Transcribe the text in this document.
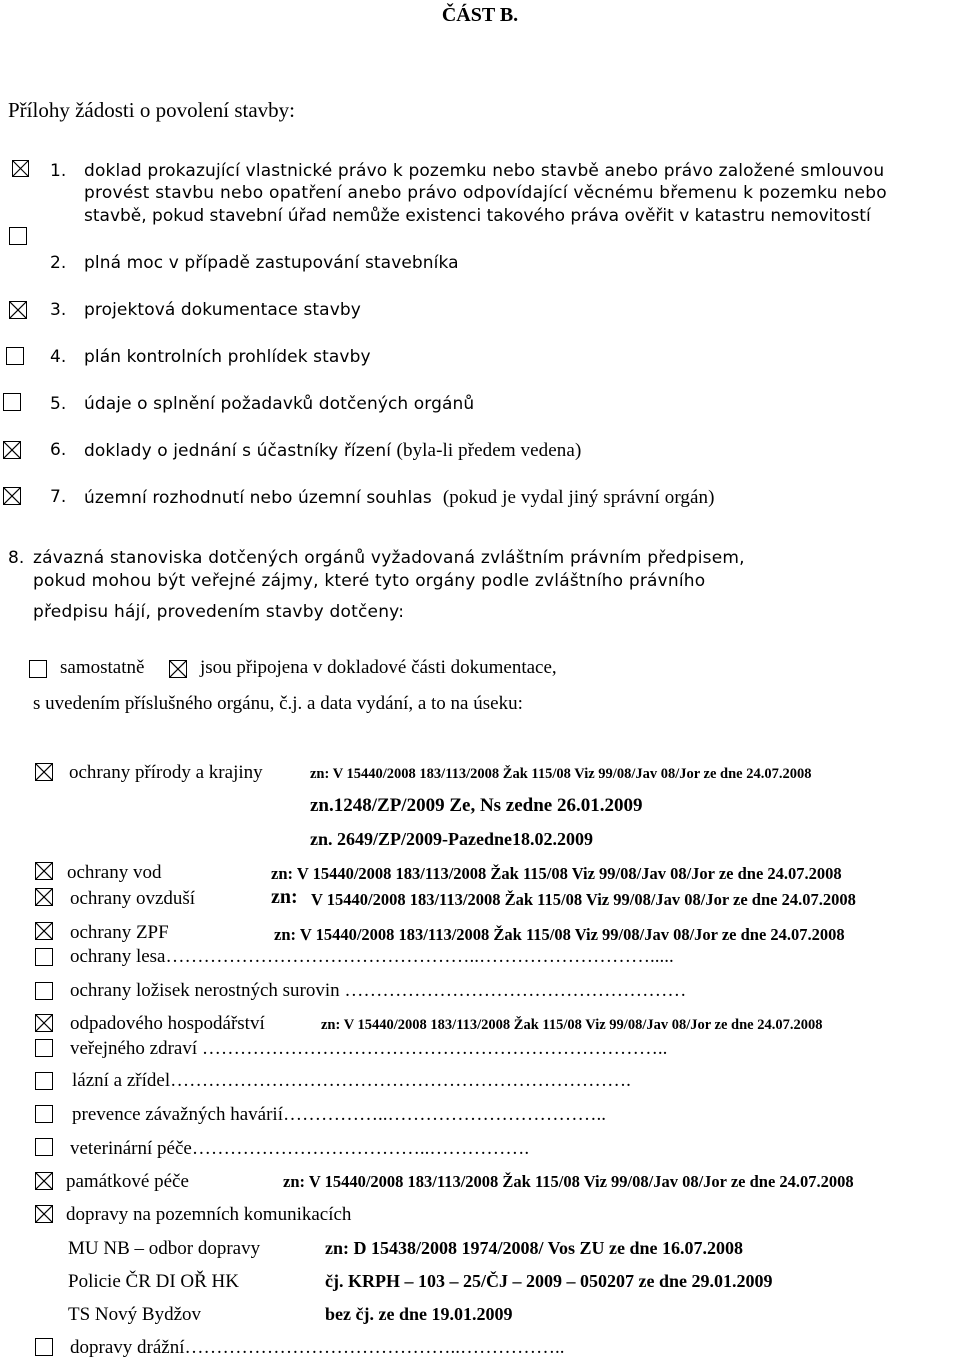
ČÁST B.
Přílohy žádosti o povolení stavby:
1. doklad prokazující vlastnické právo k pozemku nebo stavbě anebo právo založené smlouvou
provést stavbu nebo opatření anebo právo odpovídající věcnému břemenu k pozemku nebo
stavbě, pokud stavební úřad nemůže existenci takového práva ověřit v katastru nemovitostí
2. plná moc v případě zastupování stavebníka
3. projektová dokumentace stavby
4. plán kontrolních prohlídek stavby
5. údaje o splnění požadavků dotčených orgánů
6. doklady o jednání s účastníky řízení (byla-li předem vedena)
7. územní rozhodnutí nebo územní souhlas (pokud je vydal jiný správní orgán)
8. závazná stanoviska dotčených orgánů vyžadovaná zvláštním právním předpisem,
pokud mohou být veřejné zájmy, které tyto orgány podle zvláštního právního
předpisu hájí, provedením stavby dotčeny:
samostatně	jsou připojena v dokladové části dokumentace,
s uvedením příslušného orgánu, č.j. a data vydání, a to na úseku:
ochrany přírody a krajiny	zn: V 15440/2008 183/113/2008 Žak 115/08 Viz 99/08/Jav 08/Jor ze dne 24.07.2008
zn.1248/ZP/2009 Ze, Ns zedne 26.01.2009
zn. 2649/ZP/2009-Pazedne18.02.2009
ochrany vod	zn: V 15440/2008 183/113/2008 Žak 115/08 Viz 99/08/Jav 08/Jor ze dne 24.07.2008
ochrany ovzduší	zn: V 15440/2008 183/113/2008 Žak 115/08 Viz 99/08/Jav 08/Jor ze dne 24.07.2008
ochrany ZPF	zn: V 15440/2008 183/113/2008 Žak 115/08 Viz 99/08/Jav 08/Jor ze dne 24.07.2008
ochrany lesa…………………………………………..……………………….....
ochrany ložisek nerostných surovin ………………………………………………
odpadového hospodářství	zn: V 15440/2008 183/113/2008 Žak 115/08 Viz 99/08/Jav 08/Jor ze dne 24.07.2008
veřejného zdraví ………………………………………………………………..
lázní a zřídel……………………………………………………………….
prevence závažných havárií……………..……………………………..
veterinární péče………………………………..…………….
památkové péče	zn: V 15440/2008 183/113/2008 Žak 115/08 Viz 99/08/Jav 08/Jor ze dne 24.07.2008
dopravy na pozemních komunikacích
MU NB – odbor dopravy	zn: D 15438/2008 1974/2008/ Vos ZU ze dne 16.07.2008
Policie ČR DI OŘ HK	čj. KRPH – 103 – 25/ČJ – 2009 – 050207 ze dne 29.01.2009
TS Nový Bydžov	bez čj. ze dne 19.01.2009
dopravy drážní……………………………………..……………..
